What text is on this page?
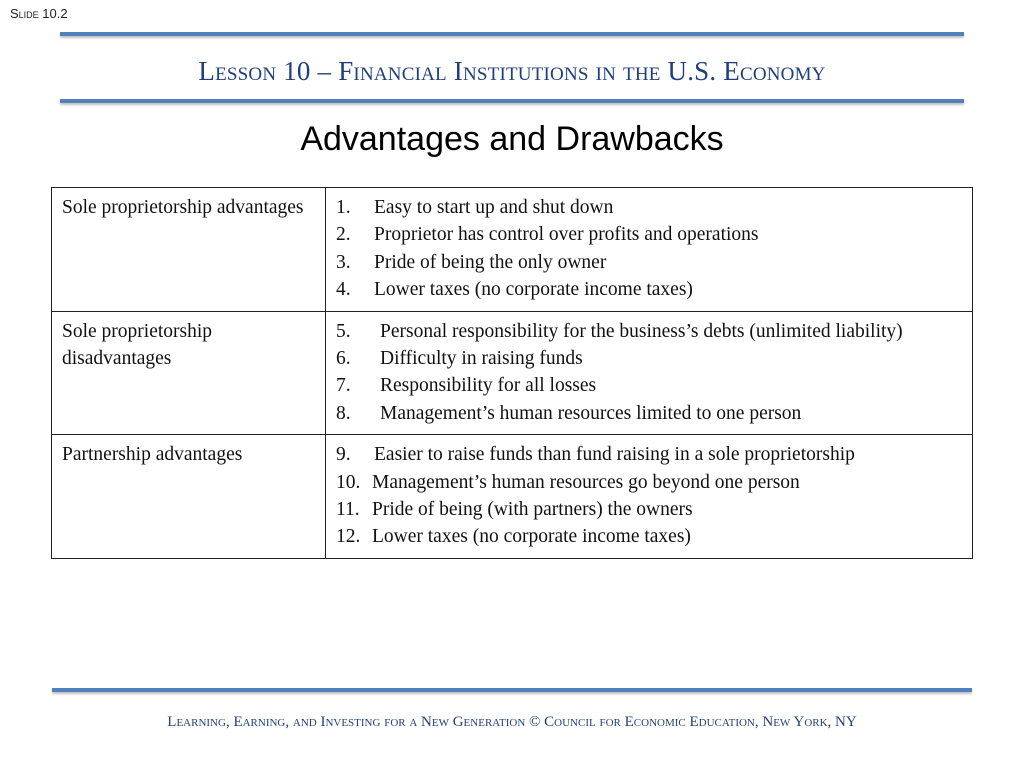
Slide 10.2
Lesson 10 – Financial Institutions in the U.S. Economy
Advantages and Drawbacks
Sole proprietorship advantages	1.	Easy to start up and shut down
2.	Proprietor has control over profits and operations
3.	Pride of being the only owner
4.	Lower taxes (no corporate income taxes)

Sole proprietorship disadvantages	
5.	Personal responsibility for the business’s debts (unlimited liability)
6.	Difficulty in raising funds
7.	Responsibility for all losses
8.	Management’s human resources limited to one person

Partnership advantages	9.	Easier to raise funds than fund raising in a sole proprietorship
10. Management’s human resources go beyond one person
11. Pride of being (with partners) the owners
12. Lower taxes (no corporate income taxes)
Learning, Earning, and Investing for a New Generation © Council for Economic Education, New York, NY
